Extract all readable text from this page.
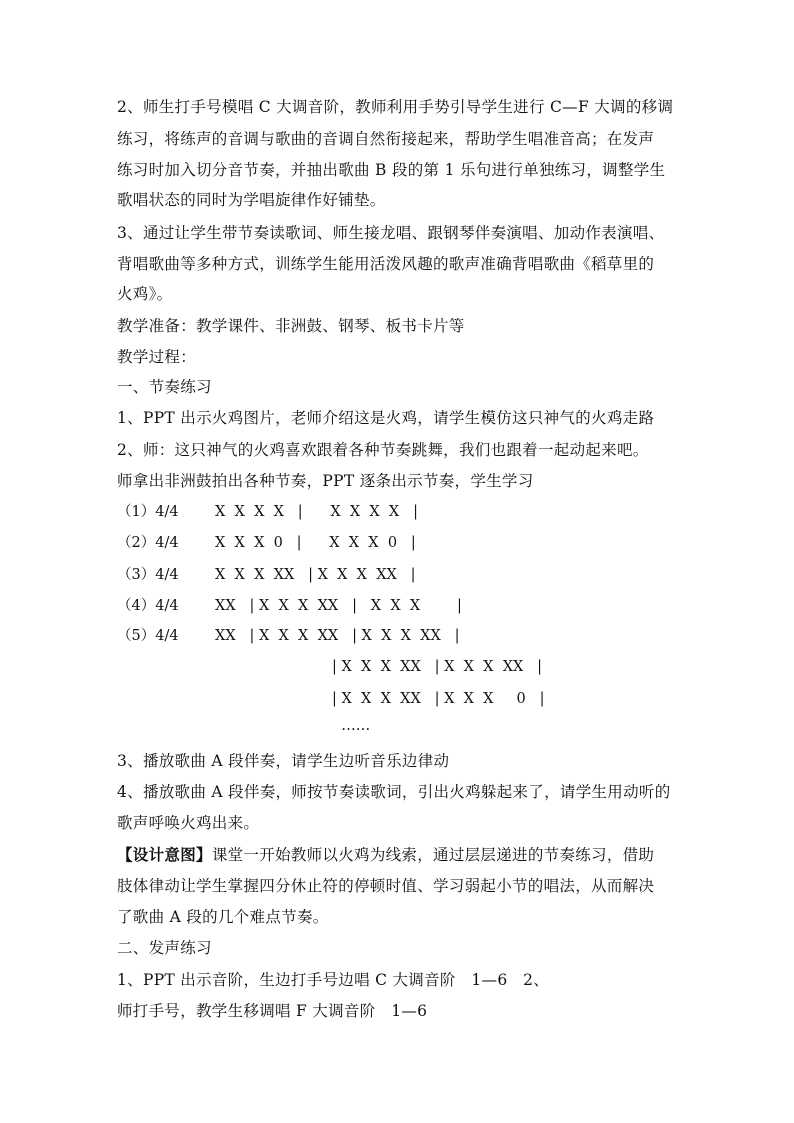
2、师生打手号模唱 C 大调音阶，教师利用手势引导学生进行 C—F 大调的移调
练习，将练声的音调与歌曲的音调自然衔接起来，帮助学生唱准音高；在发声
练习时加入切分音节奏，并抽出歌曲 B 段的第 1 乐句进行单独练习，调整学生
歌唱状态的同时为学唱旋律作好铺垫。
3、通过让学生带节奏读歌词、师生接龙唱、跟钢琴伴奏演唱、加动作表演唱、
背唱歌曲等多种方式，训练学生能用活泼风趣的歌声准确背唱歌曲《稻草里的
火鸡》。
教学准备：教学课件、非洲鼓、钢琴、板书卡片等
教学过程：
一、节奏练习
1、PPT 出示火鸡图片，老师介绍这是火鸡，请学生模仿这只神气的火鸡走路
2、师：这只神气的火鸡喜欢跟着各种节奏跳舞，我们也跟着一起动起来吧。
师拿出非洲鼓拍出各种节奏，PPT 逐条出示节奏，学生学习
（1）4/4	X  X  X  X   |      X  X  X  X   |
（2）4/4	X  X  X  0   |      X  X  X  0   |
（3）4/4	X  X  X  XX   | X  X  X  XX   |
（4）4/4	XX   | X  X  X  XX   |   X  X  X        |
（5）4/4	XX   | X  X  X  XX   | X  X  X  XX   |
| X  X  X  XX   | X  X  X  XX   |
| X  X  X  XX   | X  X  X     0   |
……
3、播放歌曲 A 段伴奏，请学生边听音乐边律动
4、播放歌曲 A 段伴奏，师按节奏读歌词，引出火鸡躲起来了，请学生用动听的
歌声呼唤火鸡出来。
【设计意图】课堂一开始教师以火鸡为线索，通过层层递进的节奏练习，借助
肢体律动让学生掌握四分休止符的停顿时值、学习弱起小节的唱法，从而解决
了歌曲 A 段的几个难点节奏。
二、发声练习
1、PPT 出示音阶，生边打手号边唱 C 大调音阶   1—6   2、
师打手号，教学生移调唱 F 大调音阶   1—6
